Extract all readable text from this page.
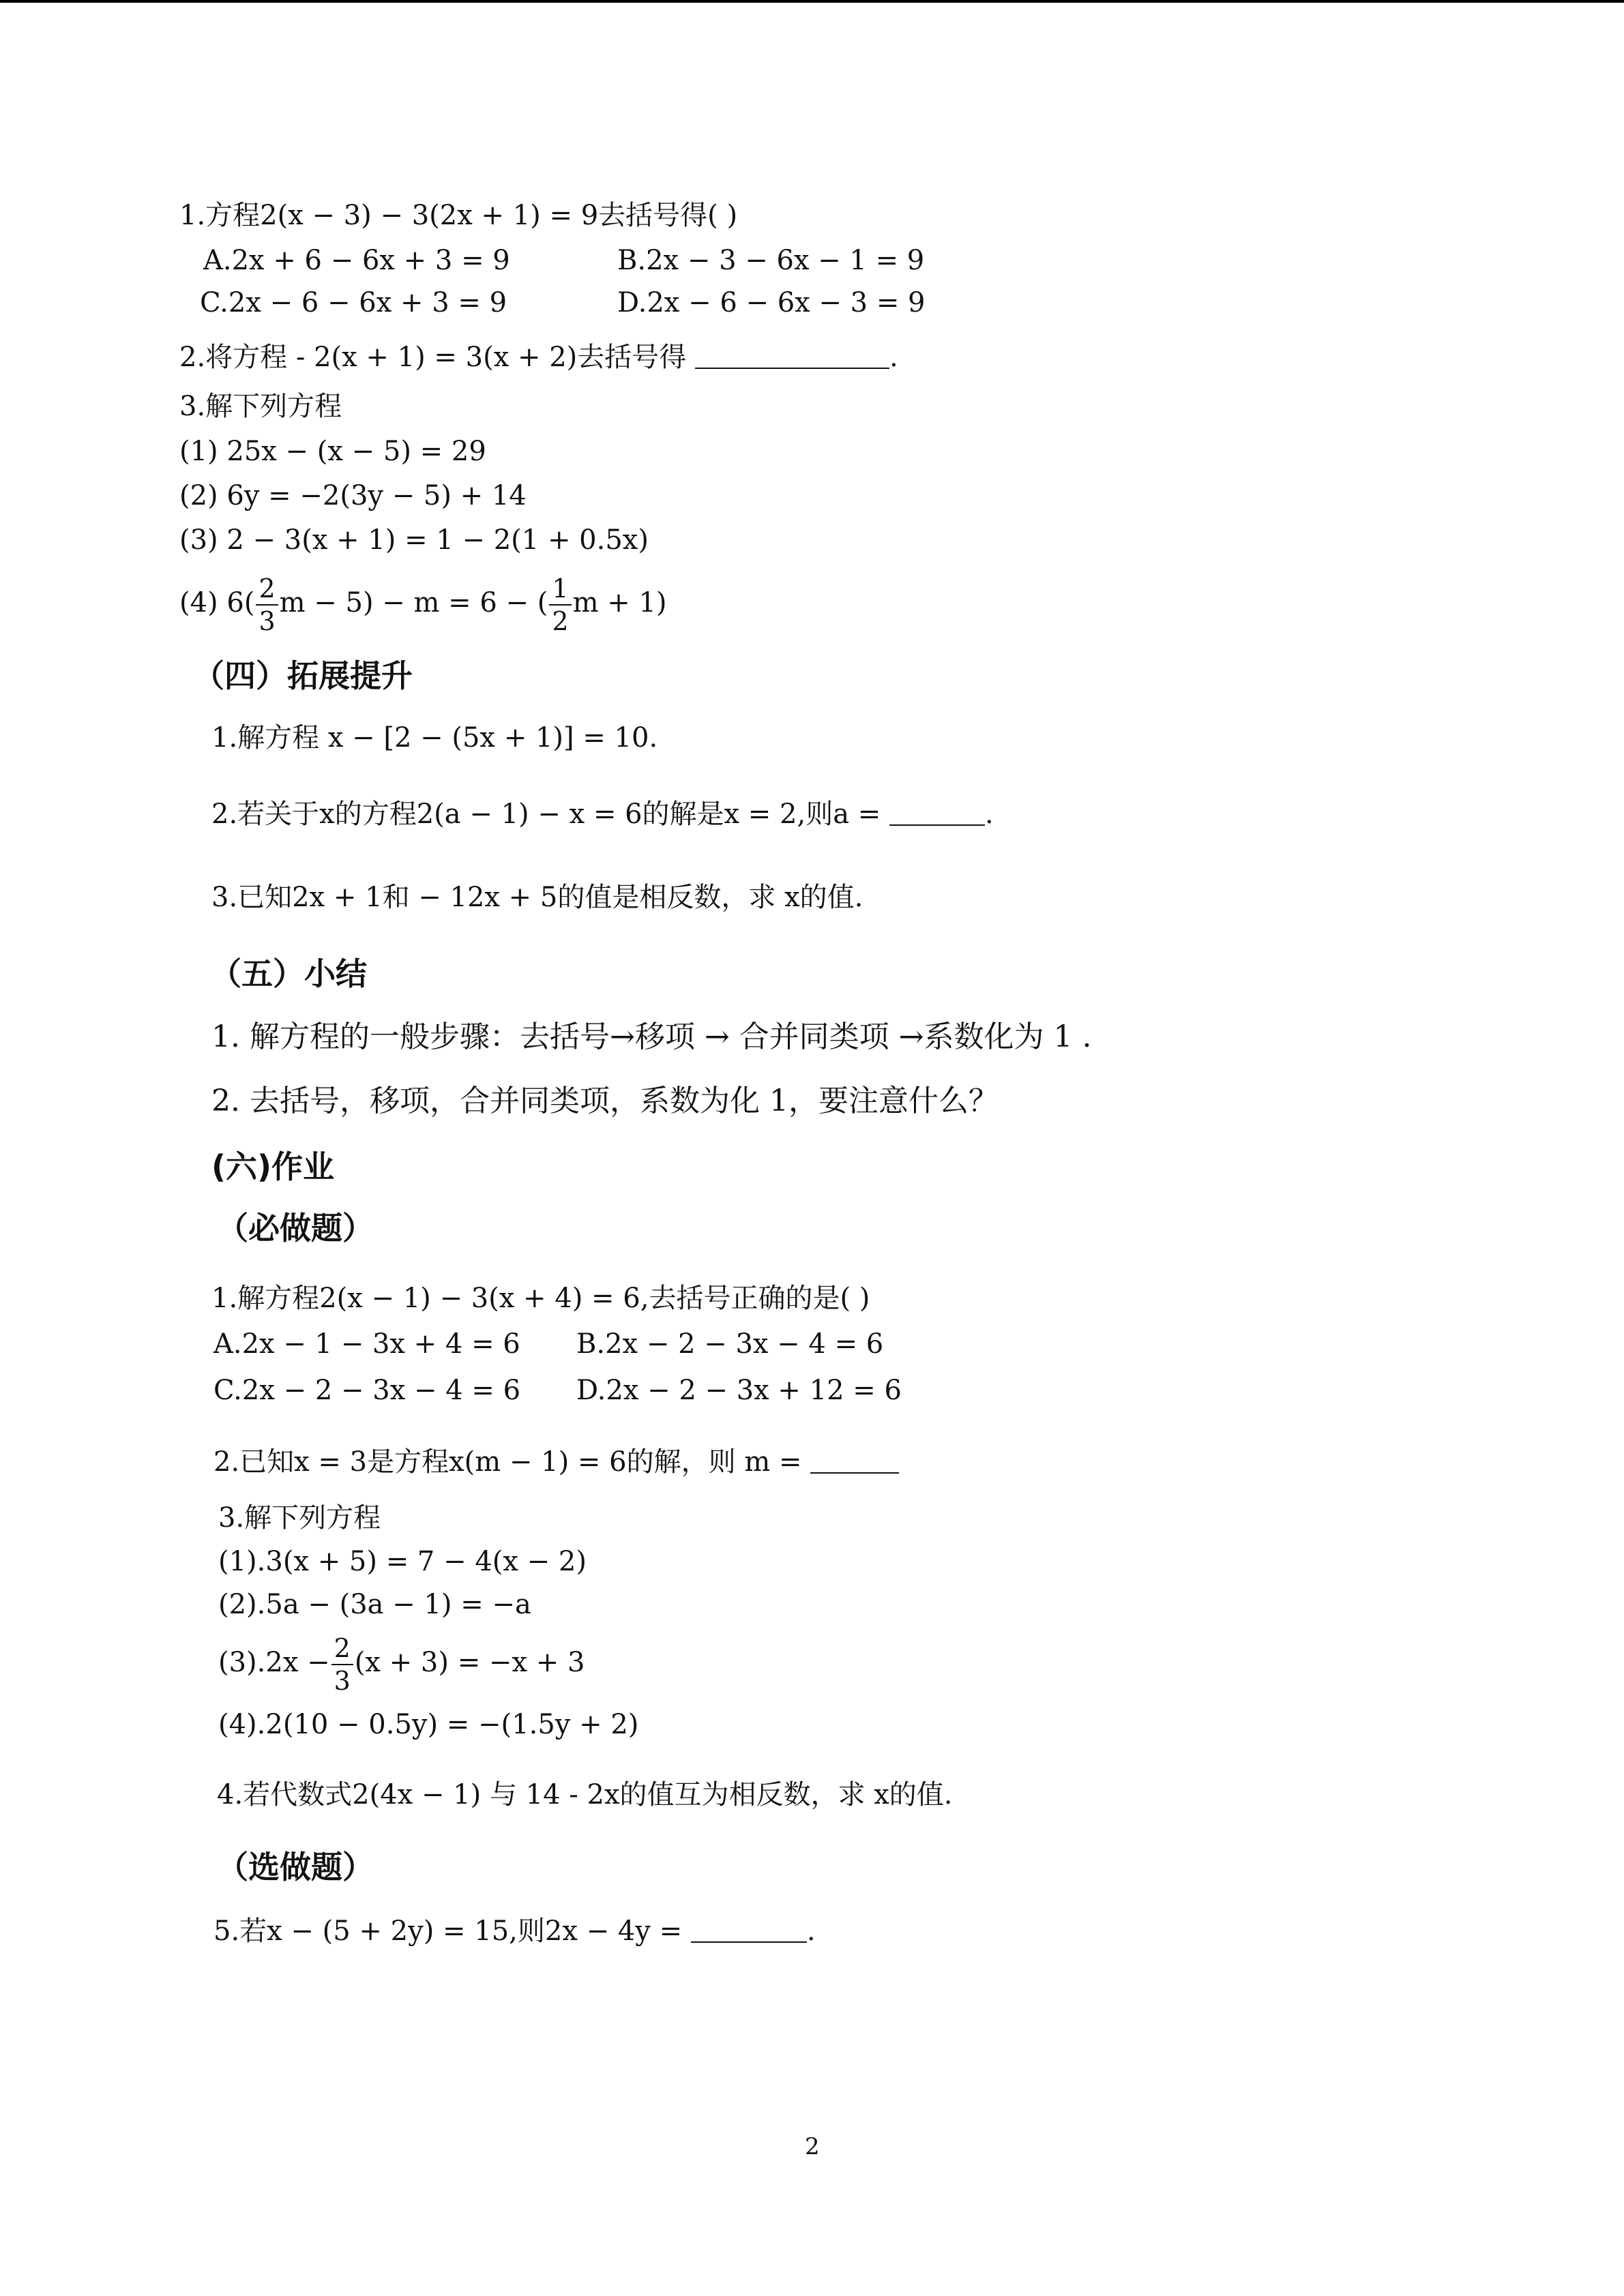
1.方程2(x − 3) − 3(2x + 1) = 9去括号得( )
A.2x + 6 − 6x + 3 = 9	B.2x − 3 − 6x − 1 = 9
C.2x − 6 − 6x + 3 = 9	D.2x − 6 − 6x − 3 = 9
2.将方程 - 2(x + 1) = 3(x + 2)去括号得	.
3.解下列方程
(1) 25x − (x − 5) = 29
(2) 6y = −2(3y − 5) + 14
(3) 2 − 3(x + 1) = 1 − 2(1 + 0.5x)
(4) $6( \frac{2}{3}$ m − 5) − m = 6 − ( $\frac{1}{2}$ m + 1)
（四）拓展提升
1.解方程 x − [2 − (5x + 1)] = 10.
2.若关于x的方程2(a − 1) − x = 6的解是x = 2,则a =	.
3.已知2x + 1和 − 12x + 5的值是相反数，求 x的值.
（五）小结
1. 解方程的一般步骤：去括号→移项 → 合并同类项 →系数化为 1 .
2. 去括号，移项，合并同类项，系数为化 1，要注意什么？
(六)作业
（必做题）
1.解方程2(x − 1) − 3(x + 4) = 6,去括号正确的是( )
A.2x − 1 − 3x + 4 = 6 B.2x − 2 − 3x − 4 = 6
C.2x − 2 − 3x − 4 = 6 D.2x − 2 − 3x + 12 = 6
2.已知x = 3是方程x(m − 1) = 6的解，则 m =
3.解下列方程
(1).3(x + 5) = 7 − 4(x − 2)
(2).5a − (3a − 1) = −a
$(3).2x - \frac{2}{3} (x + 3) = -x + 3$
(4).2(10 − 0.5y) = −(1.5y + 2)
4.若代数式2(4x − 1) 与 14 - 2x的值互为相反数，求 x的值.
（选做题）
5.若x − (5 + 2y) = 15,则2x − 4y =	.
2
